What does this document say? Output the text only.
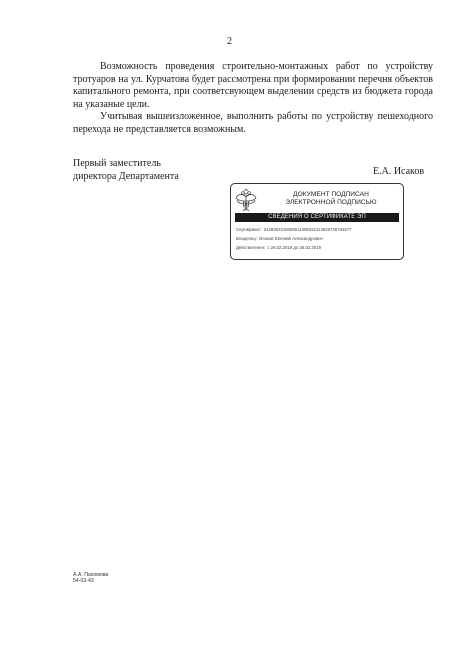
2

Возможность проведения строительно-монтажных работ по устройству тротуаров на ул. Курчатова будет рассмотрена при формировании перечня объектов капитального ремонта, при соответсвующем выделении средств из бюджета города на указаные цели.

Учитывая вышеизложенное, выполнить работы по устройству пешеходного перехода не представляется возможным.

Первый заместитель
директора Департамента	Е.А. Исаков
ДОКУМЕНТ ПОДПИСАН
ЭЛЕКТРОННОЙ ПОДПИСЬЮ
СВЕДЕНИЯ О СЕРТИФИКАТЕ ЭП
Сертификат: 2428352219306511305322113829746784577
Владелец: Исаков Евгений Александрович
Действителен: с 26.02.2018 до 26.02.2019
А.А. Пахомова
54-03-43
